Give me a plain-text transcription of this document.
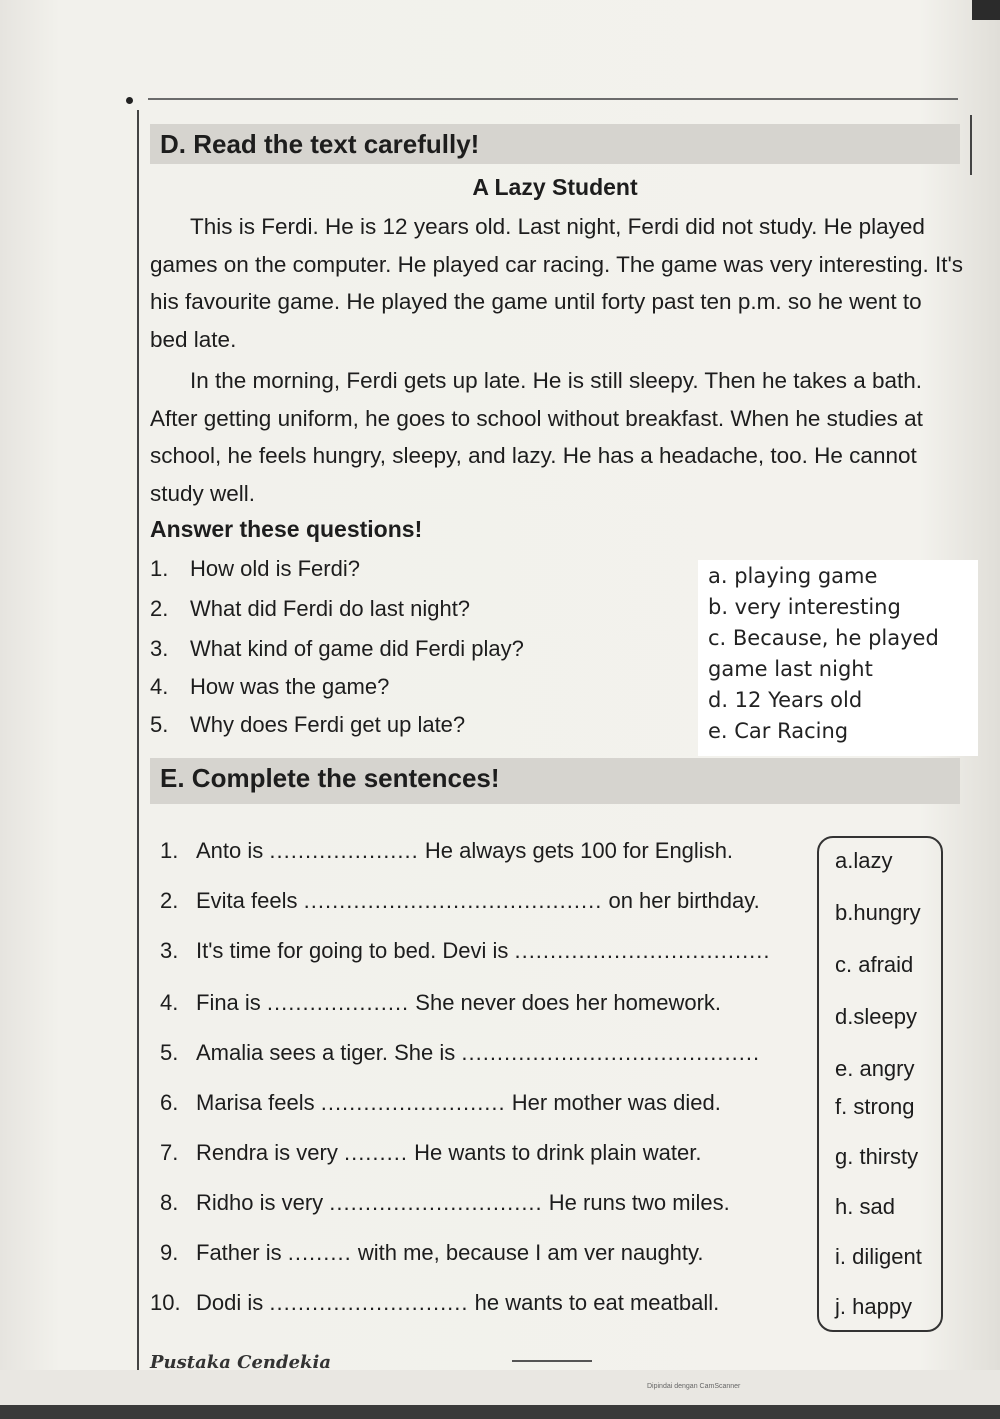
D. Read the text carefully!
A Lazy Student

This is Ferdi. He is 12 years old. Last night, Ferdi did not study. He played games on the computer. He played car racing. The game was very interesting. It's his favourite game. He played the game until forty past ten p.m. so he went to bed late.

In the morning, Ferdi gets up late. He is still sleepy. Then he takes a bath. After getting uniform, he goes to school without breakfast. When he studies at school, he feels hungry, sleepy, and lazy. He has a headache, too. He cannot study well.

Answer these questions!
1. How old is Ferdi?
2. What did Ferdi do last night?
3. What kind of game did Ferdi play?
4. How was the game?
5. Why does Ferdi get up late?
a. playing game
b. very interesting
c. Because, he played
game last night
d. 12 Years old
e. Car Racing
E. Complete the sentences!
1. Anto is ..................... He always gets 100 for English.
2. Evita feels .......................................... on her birthday.
3. It's time for going to bed. Devi is ....................................
4. Fina is .................... She never does her homework.
5. Amalia sees a tiger. She is ..........................................
6. Marisa feels .......................... Her mother was died.
7. Rendra is very ......... He wants to drink plain water.
8. Ridho is very .............................. He runs two miles.
9. Father is ......... with me, because I am ver naughty.
10. Dodi is ............................ he wants to eat meatball.
a.lazy
b.hungry
c. afraid
d.sleepy
e. angry
f. strong
g. thirsty
h. sad
i. diligent
j. happy
Pustaka Cendekia
Dipindai dengan CamScanner
